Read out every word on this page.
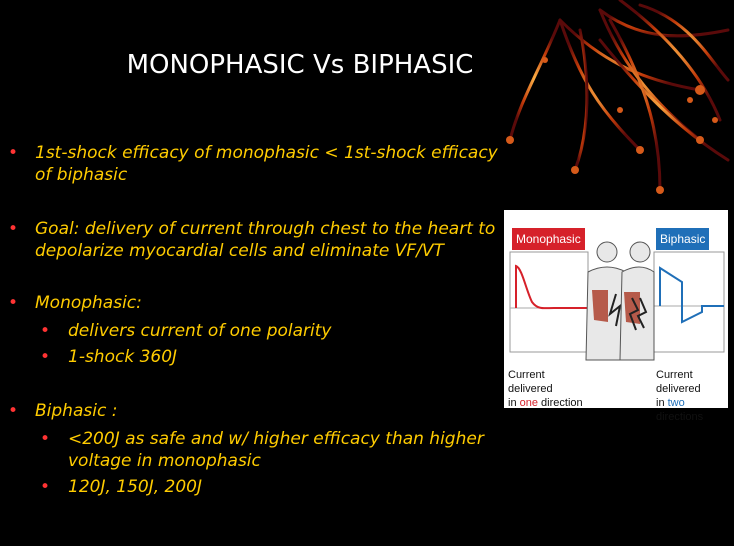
MONOPHASIC Vs BIPHASIC
• 1st-shock efficacy of monophasic < 1st-shock efficacy of biphasic
• Goal: delivery of current through chest to the heart to depolarize myocardial cells and eliminate VF/VT
• Monophasic:
• delivers current of one polarity
• 1-shock 360J
• Biphasic :
• <200J as safe and w/ higher efficacy than higher voltage in monophasic
• 120J, 150J, 200J
Monophasic	Biphasic
Current delivered
in one direction
Current delivered
in two directions
